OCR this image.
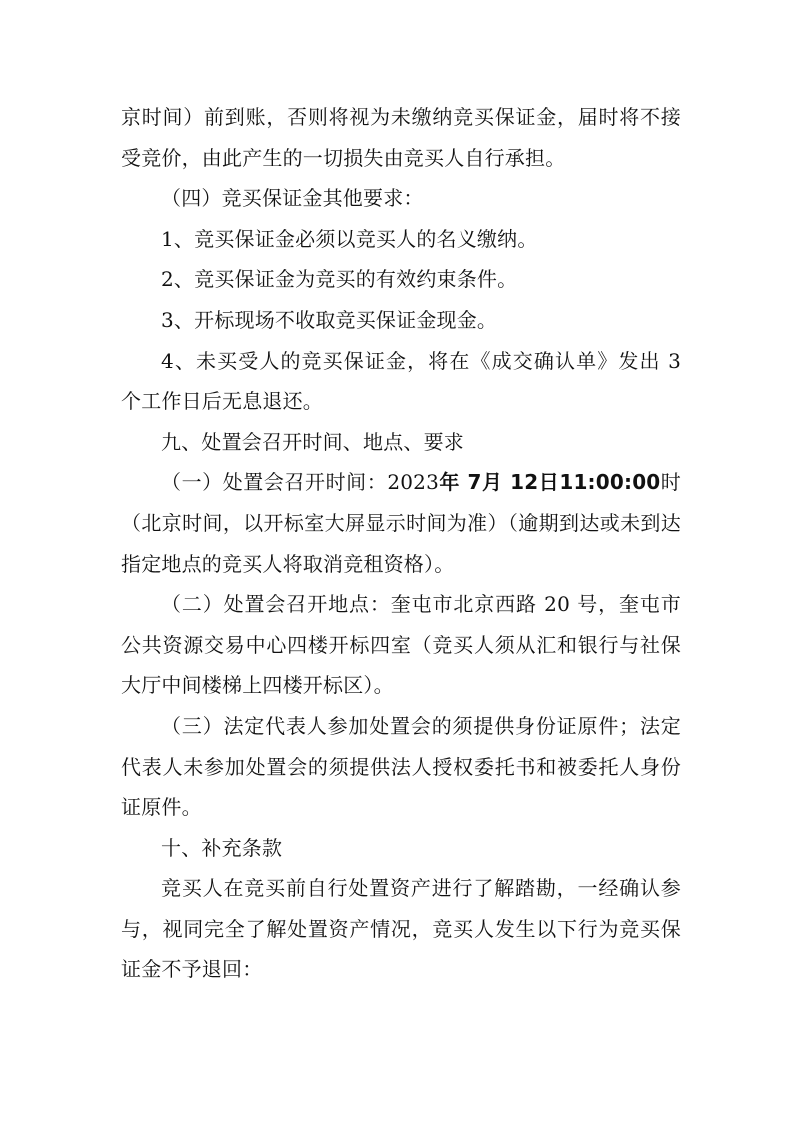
京时间）前到账，否则将视为未缴纳竞买保证金，届时将不接受竞价，由此产生的一切损失由竞买人自行承担。

（四）竞买保证金其他要求：

1、竞买保证金必须以竞买人的名义缴纳。

2、竞买保证金为竞买的有效约束条件。

3、开标现场不收取竞买保证金现金。

4、未买受人的竞买保证金，将在《成交确认单》发出 3 个工作日后无息退还。

九、处置会召开时间、地点、要求

（一）处置会召开时间：2023年 7月 12日11:00:00时（北京时间，以开标室大屏显示时间为准）（逾期到达或未到达指定地点的竞买人将取消竞租资格）。

（二）处置会召开地点：奎屯市北京西路 20 号，奎屯市公共资源交易中心四楼开标四室（竞买人须从汇和银行与社保大厅中间楼梯上四楼开标区）。

（三）法定代表人参加处置会的须提供身份证原件；法定代表人未参加处置会的须提供法人授权委托书和被委托人身份证原件。

十、补充条款

竞买人在竞买前自行处置资产进行了解踏勘，一经确认参与，视同完全了解处置资产情况，竞买人发生以下行为竞买保证金不予退回：
